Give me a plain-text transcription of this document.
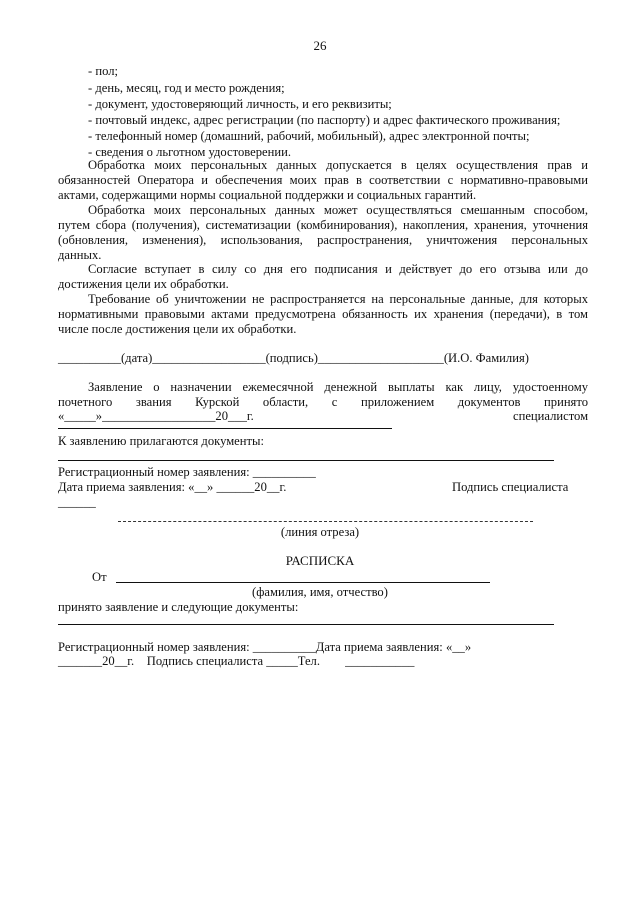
26
- пол;
- день, месяц, год и место рождения;
- документ, удостоверяющий личность, и его реквизиты;
- почтовый индекс, адрес регистрации (по паспорту) и адрес фактического проживания;
- телефонный номер (домашний, рабочий, мобильный), адрес электронной почты;
- сведения о льготном удостоверении.
Обработка моих персональных данных допускается в целях осуществления прав и
обязанностей Оператора и обеспечения моих прав в соответствии с нормативно-правовыми
актами, содержащими нормы социальной поддержки и социальных гарантий.
Обработка моих персональных данных может осуществляться смешанным способом,
путем сбора (получения), систематизации (комбинирования), накопления, хранения, уточнения
(обновления, изменения), использования, распространения, уничтожения персональных
данных.
Согласие вступает в силу со дня его подписания и действует до его отзыва или до
достижения цели их обработки.
Требование об уничтожении не распространяется на персональные данные, для которых
нормативными правовыми актами предусмотрена обязанность их хранения (передачи), в том
числе после достижения цели их обработки.
__________(дата)__________________(подпись)____________________(И.О. Фамилия)
Заявление о назначении ежемесячной денежной выплаты как лицу, удостоенному
почетного звания Курской области, с приложением документов принято
«_____»__________________20___г.	специалистом
К заявлению прилагаются документы:
Регистрационный номер заявления: __________
Дата приема заявления: «__» ______20__г.	Подпись специалиста
______
(линия отреза)
РАСПИСКА
От
(фамилия, имя, отчество)
принято заявление и следующие документы:
Регистрационный номер заявления: __________Дата приема заявления: «__»
_______20__г.    Подпись специалиста _____Тел.        ___________
